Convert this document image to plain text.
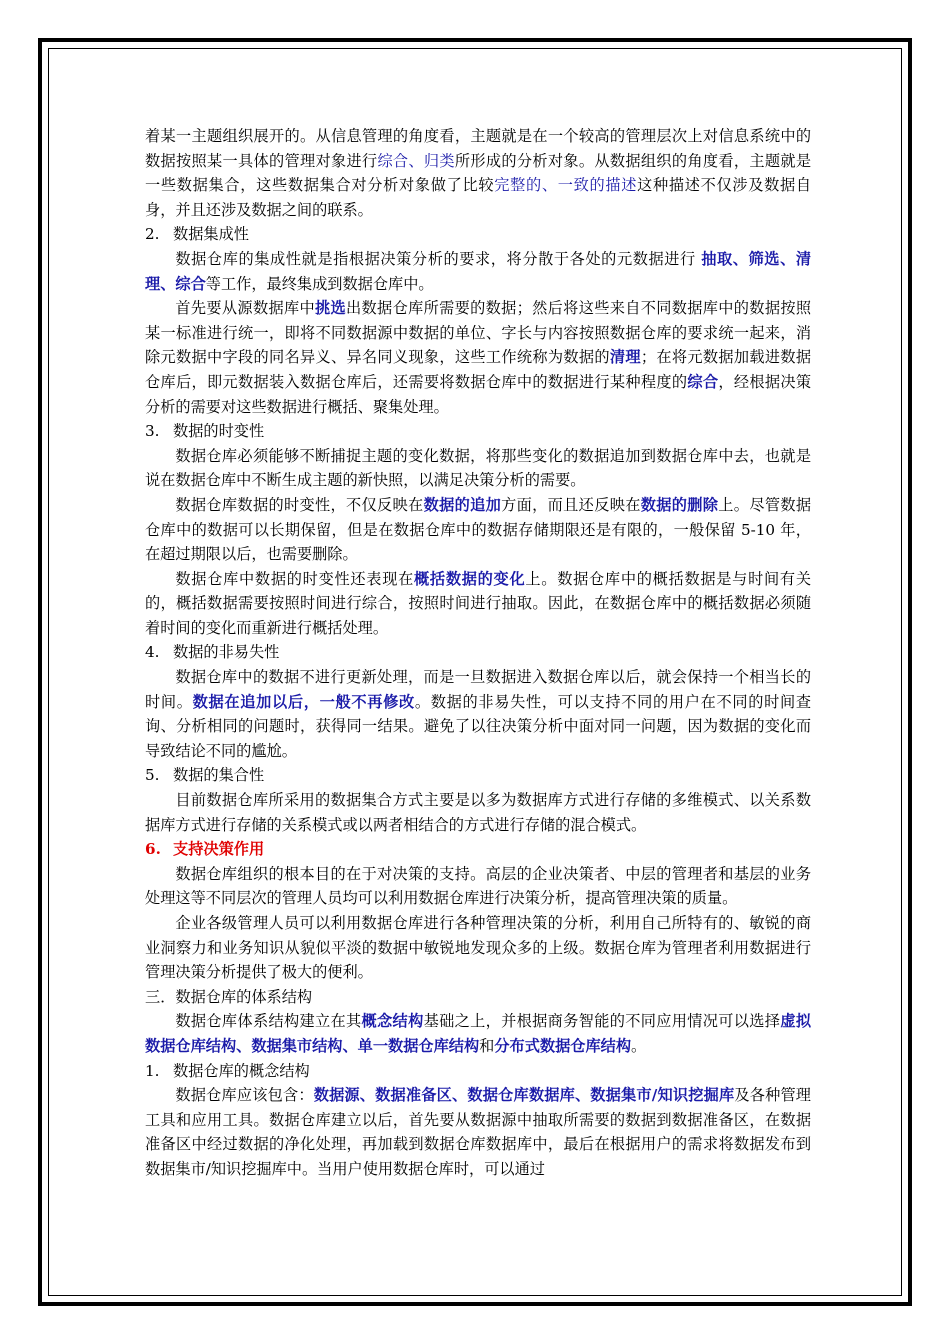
着某一主题组织展开的。从信息管理的角度看，主题就是在一个较高的管理层次上对信息系统中的数据按照某一具体的管理对象进行综合、归类所形成的分析对象。从数据组织的角度看，主题就是一些数据集合，这些数据集合对分析对象做了比较完整的、一致的描述这种描述不仅涉及数据自身，并且还涉及数据之间的联系。

2. 数据集成性

数据仓库的集成性就是指根据决策分析的要求，将分散于各处的元数据进行 抽取、筛选、清理、综合等工作，最终集成到数据仓库中。

首先要从源数据库中挑选出数据仓库所需要的数据；然后将这些来自不同数据库中的数据按照某一标准进行统一，即将不同数据源中数据的单位、字长与内容按照数据仓库的要求统一起来，消除元数据中字段的同名异义、异名同义现象，这些工作统称为数据的清理；在将元数据加载进数据仓库后，即元数据装入数据仓库后，还需要将数据仓库中的数据进行某种程度的综合，经根据决策分析的需要对这些数据进行概括、聚集处理。

3. 数据的时变性

数据仓库必须能够不断捕捉主题的变化数据，将那些变化的数据追加到数据仓库中去，也就是说在数据仓库中不断生成主题的新快照，以满足决策分析的需要。

数据仓库数据的时变性，不仅反映在数据的追加方面，而且还反映在数据的删除上。尽管数据仓库中的数据可以长期保留，但是在数据仓库中的数据存储期限还是有限的，一般保留 5-10 年，在超过期限以后，也需要删除。

数据仓库中数据的时变性还表现在概括数据的变化上。数据仓库中的概括数据是与时间有关的，概括数据需要按照时间进行综合，按照时间进行抽取。因此，在数据仓库中的概括数据必须随着时间的变化而重新进行概括处理。

4. 数据的非易失性

数据仓库中的数据不进行更新处理，而是一旦数据进入数据仓库以后，就会保持一个相当长的时间。数据在追加以后，一般不再修改。数据的非易失性，可以支持不同的用户在不同的时间查询、分析相同的问题时，获得同一结果。避免了以往决策分析中面对同一问题，因为数据的变化而导致结论不同的尴尬。

5. 数据的集合性

目前数据仓库所采用的数据集合方式主要是以多为数据库方式进行存储的多维模式、以关系数据库方式进行存储的关系模式或以两者相结合的方式进行存储的混合模式。

6. 支持决策作用

数据仓库组织的根本目的在于对决策的支持。高层的企业决策者、中层的管理者和基层的业务处理这等不同层次的管理人员均可以利用数据仓库进行决策分析，提高管理决策的质量。

企业各级管理人员可以利用数据仓库进行各种管理决策的分析，利用自己所特有的、敏锐的商业洞察力和业务知识从貌似平淡的数据中敏锐地发现众多的上级。数据仓库为管理者利用数据进行管理决策分析提供了极大的便利。

三．数据仓库的体系结构

数据仓库体系结构建立在其概念结构基础之上，并根据商务智能的不同应用情况可以选择虚拟数据仓库结构、数据集市结构、单一数据仓库结构和分布式数据仓库结构。

1. 数据仓库的概念结构

数据仓库应该包含：数据源、数据准备区、数据仓库数据库、数据集市/知识挖掘库及各种管理工具和应用工具。数据仓库建立以后，首先要从数据源中抽取所需要的数据到数据准备区，在数据准备区中经过数据的净化处理，再加载到数据仓库数据库中，最后在根据用户的需求将数据发布到数据集市/知识挖掘库中。当用户使用数据仓库时，可以通过
